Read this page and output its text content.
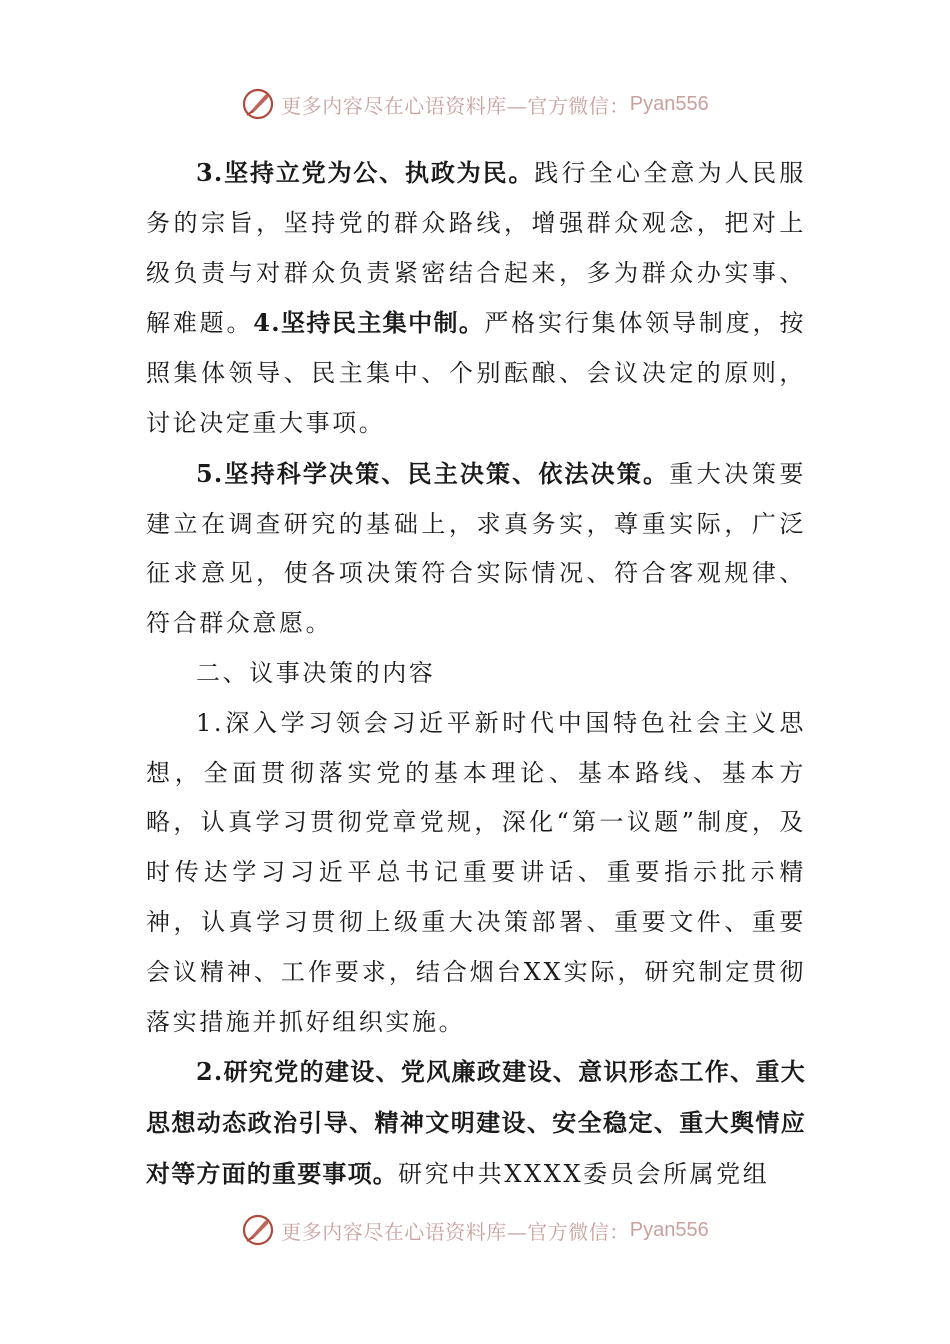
更多内容尽在心语资料库—官方微信： Pyan556

3.坚持立党为公、执政为民。践行全心全意为人民服务的宗旨，坚持党的群众路线，增强群众观念，把对上级负责与对群众负责紧密结合起来，多为群众办实事、解难题。4.坚持民主集中制。严格实行集体领导制度，按照集体领导、民主集中、个别酝酿、会议决定的原则，讨论决定重大事项。

5.坚持科学决策、民主决策、依法决策。重大决策要建立在调查研究的基础上，求真务实，尊重实际，广泛征求意见，使各项决策符合实际情况、符合客观规律、符合群众意愿。

二、议事决策的内容

1.深入学习领会习近平新时代中国特色社会主义思想，全面贯彻落实党的基本理论、基本路线、基本方略，认真学习贯彻党章党规，深化“第一议题”制度，及时传达学习习近平总书记重要讲话、重要指示批示精神，认真学习贯彻上级重大决策部署、重要文件、重要会议精神、工作要求，结合烟台XX实际，研究制定贯彻落实措施并抓好组织实施。

2.研究党的建设、党风廉政建设、意识形态工作、重大思想动态政治引导、精神文明建设、安全稳定、重大舆情应对等方面的重要事项。研究中共XXXX委员会所属党组

更多内容尽在心语资料库—官方微信： Pyan556
